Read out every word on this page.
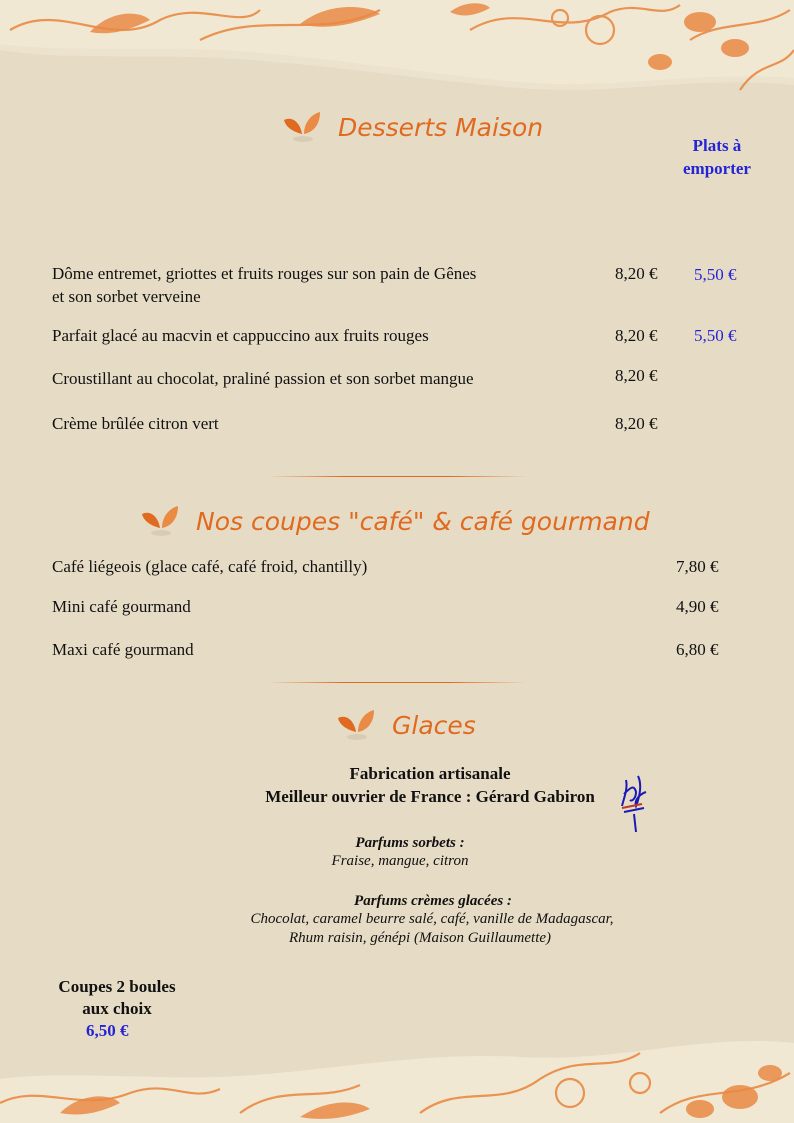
Desserts Maison
Plats à emporter
Dôme entremet, griottes et fruits rouges sur son pain de Gênes
et son sorbet verveine
8,20 € 5,50 €
Parfait glacé au macvin et cappuccino aux fruits rouges	8,20 € 5,50 €
Croustillant au chocolat, praliné passion et son sorbet mangue	8,20 €
Crème brûlée citron vert	8,20 €
Nos coupes "café" & café gourmand
Café liégeois (glace café, café froid, chantilly)	7,80 €
Mini café gourmand	4,90 €
Maxi café gourmand	6,80 €
Glaces
Fabrication artisanale
Meilleur ouvrier de France : Gérard Gabiron
Parfums sorbets :
Fraise, mangue, citron
Parfums crèmes glacées :
Chocolat, caramel beurre salé, café, vanille de Madagascar,
Rhum raisin, génépi (Maison Guillaumette)
Coupes 2 boules
aux choix
6,50 €
